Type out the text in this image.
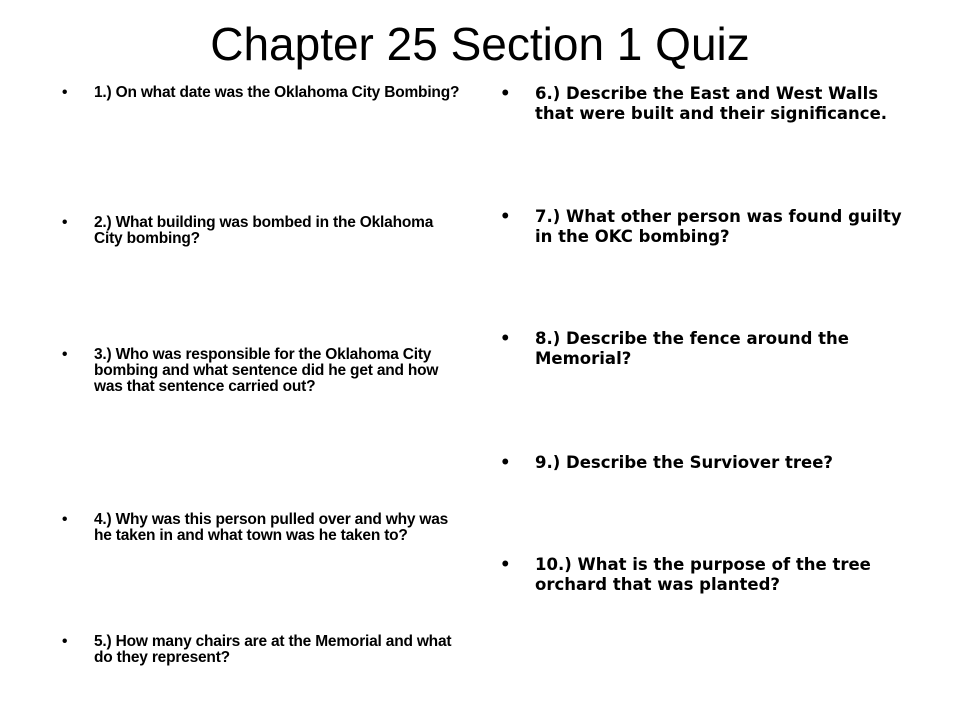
Chapter 25 Section 1 Quiz
• 1.) On what date was the Oklahoma City Bombing?
• 2.) What building was bombed in the Oklahoma City bombing?
• 3.) Who was responsible for the Oklahoma City bombing and what sentence did he get and how was that sentence carried out?
• 4.) Why was this person pulled over and why was he taken in and what town was he taken to?
• 5.) How many chairs are at the Memorial and what do they represent?
• 6.) Describe the East and West Walls that were built and their significance.
• 7.) What other person was found guilty in the OKC bombing?
• 8.) Describe the fence around the Memorial?
• 9.) Describe the Surviover tree?
• 10.) What is the purpose of the tree orchard that was planted?
